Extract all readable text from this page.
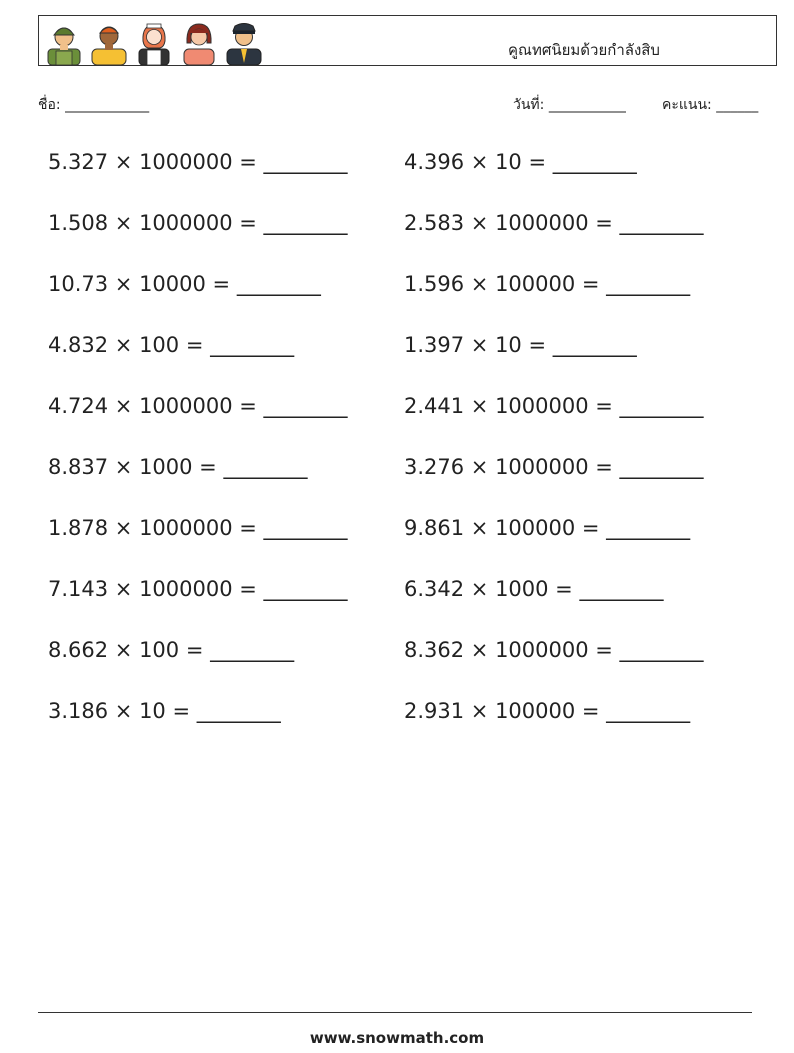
คูณทศนิยมด้วยกำลังสิบ
ชื่อ: ____________	วันที่: ___________	คะแนน: ______
5.327 × 1000000 = ________
1.508 × 1000000 = ________
10.73 × 10000 = ________
4.832 × 100 = ________
4.724 × 1000000 = ________
8.837 × 1000 = ________
1.878 × 1000000 = ________
7.143 × 1000000 = ________
8.662 × 100 = ________
3.186 × 10 = ________
4.396 × 10 = ________
2.583 × 1000000 = ________
1.596 × 100000 = ________
1.397 × 10 = ________
2.441 × 1000000 = ________
3.276 × 1000000 = ________
9.861 × 100000 = ________
6.342 × 1000 = ________
8.362 × 1000000 = ________
2.931 × 100000 = ________
www.snowmath.com
